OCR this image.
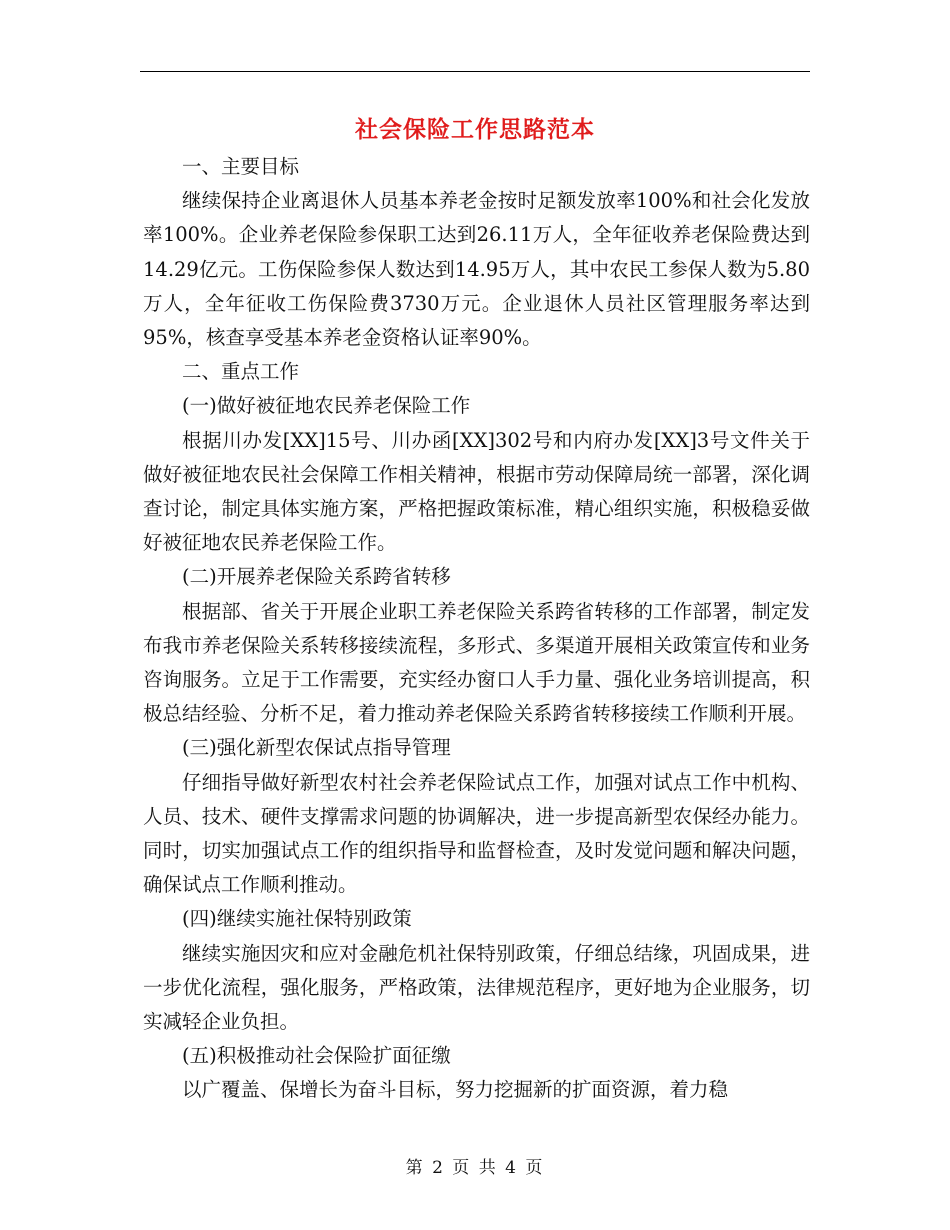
社会保险工作思路范本

一、主要目标

继续保持企业离退休人员基本养老金按时足额发放率100%和社会化发放率100%。企业养老保险参保职工达到26.11万人，全年征收养老保险费达到14.29亿元。工伤保险参保人数达到14.95万人，其中农民工参保人数为5.80万人，全年征收工伤保险费3730万元。企业退休人员社区管理服务率达到95%，核查享受基本养老金资格认证率90%。

二、重点工作

(一)做好被征地农民养老保险工作

根据川办发[XX]15号、川办函[XX]302号和内府办发[XX]3号文件关于做好被征地农民社会保障工作相关精神，根据市劳动保障局统一部署，深化调查讨论，制定具体实施方案，严格把握政策标准，精心组织实施，积极稳妥做好被征地农民养老保险工作。

(二)开展养老保险关系跨省转移

根据部、省关于开展企业职工养老保险关系跨省转移的工作部署，制定发布我市养老保险关系转移接续流程，多形式、多渠道开展相关政策宣传和业务咨询服务。立足于工作需要，充实经办窗口人手力量、强化业务培训提高，积极总结经验、分析不足，着力推动养老保险关系跨省转移接续工作顺利开展。

(三)强化新型农保试点指导管理

仔细指导做好新型农村社会养老保险试点工作，加强对试点工作中机构、人员、技术、硬件支撑需求问题的协调解决，进一步提高新型农保经办能力。同时，切实加强试点工作的组织指导和监督检查，及时发觉问题和解决问题，确保试点工作顺利推动。

(四)继续实施社保特别政策

继续实施因灾和应对金融危机社保特别政策，仔细总结缘，巩固成果，进一步优化流程，强化服务，严格政策，法律规范程序，更好地为企业服务，切实减轻企业负担。

(五)积极推动社会保险扩面征缴

以广覆盖、保增长为奋斗目标，努力挖掘新的扩面资源，着力稳

第 2 页 共 4 页
